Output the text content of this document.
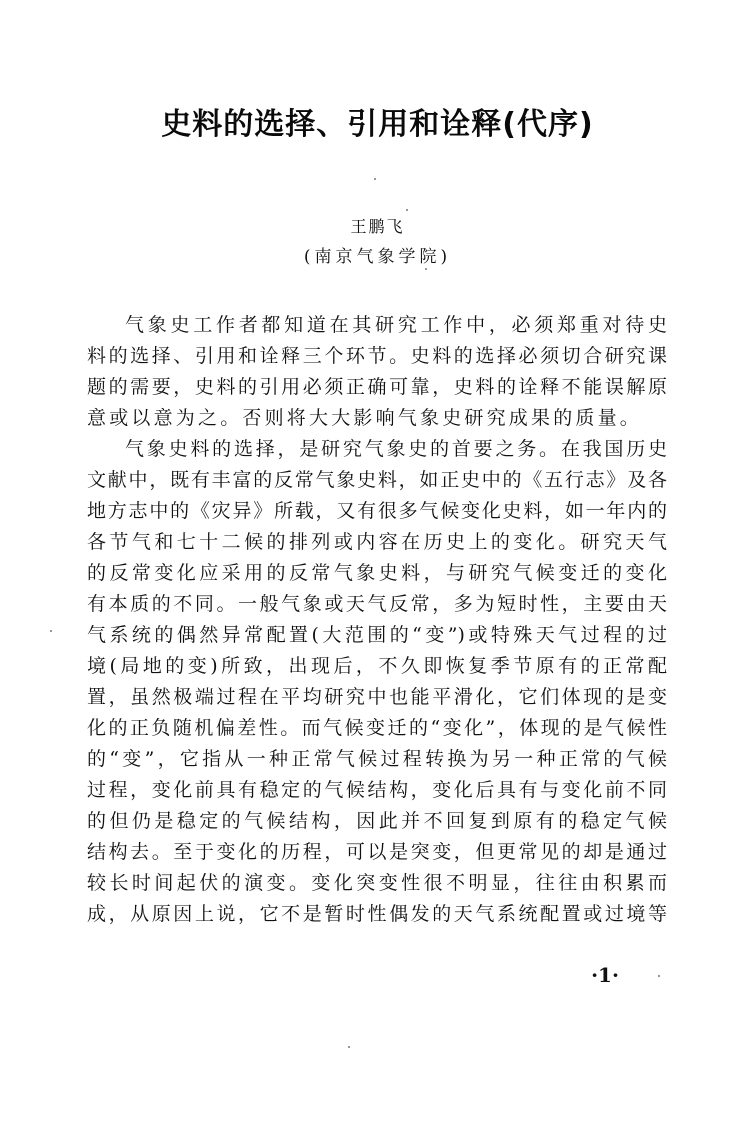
史料的选择、引用和诠释(代序)
王鹏飞
(南京气象学院)
气象史工作者都知道在其研究工作中，必须郑重对待史
料的选择、引用和诠释三个环节。史料的选择必须切合研究课
题的需要，史料的引用必须正确可靠，史料的诠释不能误解原
意或以意为之。否则将大大影响气象史研究成果的质量。
气象史料的选择，是研究气象史的首要之务。在我国历史
文献中，既有丰富的反常气象史料，如正史中的《五行志》及各
地方志中的《灾异》所载，又有很多气候变化史料，如一年内的
各节气和七十二候的排列或内容在历史上的变化。研究天气
的反常变化应采用的反常气象史料，与研究气候变迁的变化
有本质的不同。一般气象或天气反常，多为短时性，主要由天
气系统的偶然异常配置(大范围的“变”)或特殊天气过程的过
境(局地的变)所致，出现后，不久即恢复季节原有的正常配
置，虽然极端过程在平均研究中也能平滑化，它们体现的是变
化的正负随机偏差性。而气候变迁的“变化”，体现的是气候性
的“变”，它指从一种正常气候过程转换为另一种正常的气候
过程，变化前具有稳定的气候结构，变化后具有与变化前不同
的但仍是稳定的气候结构，因此并不回复到原有的稳定气候
结构去。至于变化的历程，可以是突变，但更常见的却是通过
较长时间起伏的演变。变化突变性很不明显，往往由积累而
成，从原因上说，它不是暂时性偶发的天气系统配置或过境等
·1·
